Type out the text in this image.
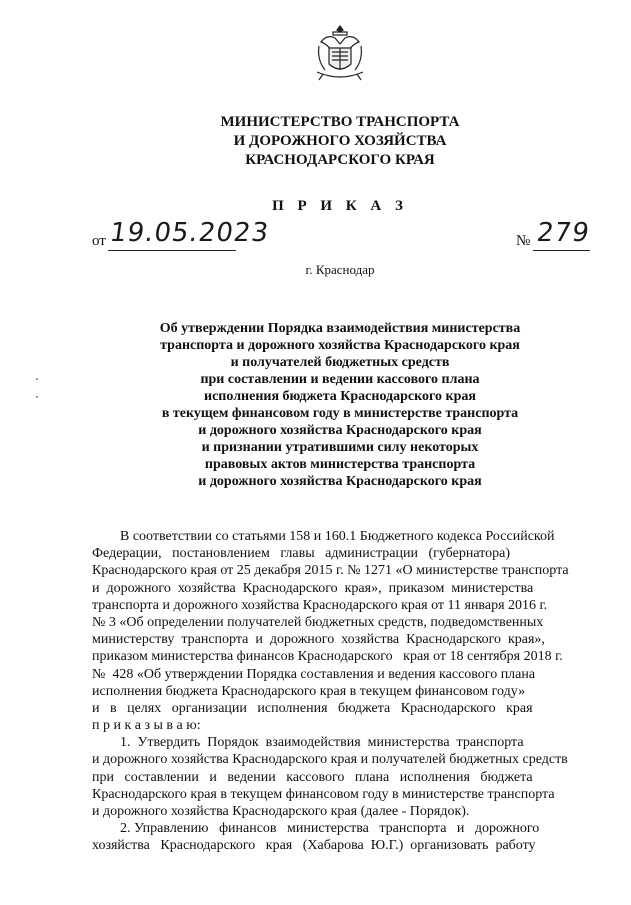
МИНИСТЕРСТВО ТРАНСПОРТА
И ДОРОЖНОГО ХОЗЯЙСТВА
КРАСНОДАРСКОГО КРАЯ
П Р И К А З
от 19.05.2023	№ 279
г. Краснодар
Об утверждении Порядка взаимодействия министерства
транспорта и дорожного хозяйства Краснодарского края
и получателей бюджетных средств
при составлении и ведении кассового плана
исполнения бюджета Краснодарского края
в текущем финансовом году в министерстве транспорта
и дорожного хозяйства Краснодарского края
и признании утратившими силу некоторых
правовых актов министерства транспорта
и дорожного хозяйства Краснодарского края
В соответствии со статьями 158 и 160.1 Бюджетного кодекса Российской
Федерации,   постановлением   главы   администрации   (губернатора)
Краснодарского края от 25 декабря 2015 г. № 1271 «О министерстве транспорта
и  дорожного  хозяйства  Краснодарского  края»,  приказом  министерства
транспорта и дорожного хозяйства Краснодарского края от 11 января 2016 г.
№ 3 «Об определении получателей бюджетных средств, подведомственных
министерству  транспорта  и  дорожного  хозяйства  Краснодарского  края»,
приказом министерства финансов Краснодарского   края от 18 сентября 2018 г.
№  428 «Об утверждении Порядка составления и ведения кассового плана
исполнения бюджета Краснодарского края в текущем финансовом году»
и   в   целях   организации   исполнения   бюджета   Краснодарского   края
п р и к а з ы в а ю:
1.  Утвердить  Порядок  взаимодействия  министерства  транспорта
и дорожного хозяйства Краснодарского края и получателей бюджетных средств
при   составлении   и   ведении   кассового   плана   исполнения   бюджета
Краснодарского края в текущем финансовом году в министерстве транспорта
и дорожного хозяйства Краснодарского края (далее - Порядок).
2. Управлению   финансов   министерства   транспорта   и   дорожного
хозяйства   Краснодарского   края   (Хабарова  Ю.Г.)  организовать  работу
